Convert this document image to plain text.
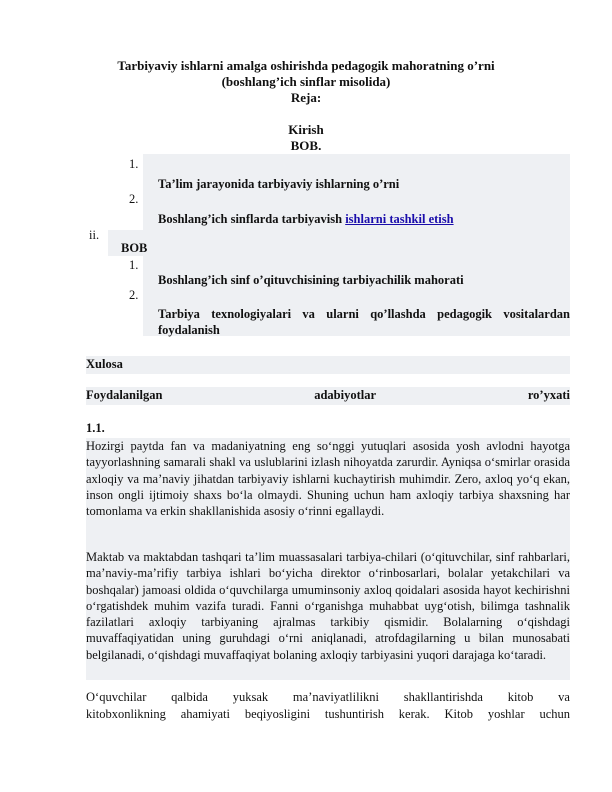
Tarbiyaviy ishlarni amalga oshirishda pedagogik mahoratning o’rni
(boshlang’ich sinflar misolida)
Reja:
Kirish
BOB.
1.
Ta’lim jarayonida tarbiyaviy ishlarning o’rni
2.
Boshlang’ich sinflarda tarbiyavish ishlarni tashkil etish
ii.
BOB
1.
Boshlang’ich sinf o’qituvchisining tarbiyachilik mahorati
2.
Tarbiya texnologiyalari va ularni qo’llashda pedagogik vositalardan foydalanish
Xulosa
Foydalanilgan	adabiyotlar	ro’yxati
1.1.
Hozirgi paytda fan va madaniyatning eng so‘nggi yutuqlari asosida yosh avlodni hayotga tayyorlashning samarali shakl va uslublarini izlash nihoyatda zarurdir. Ayniqsa o‘smirlar orasida axloqiy va ma’naviy jihatdan tarbiyaviy ishlarni kuchaytirish muhimdir. Zero, axloq yo‘q ekan, inson ongli ijtimoiy shaxs bo‘la olmaydi. Shuning uchun ham axloqiy tarbiya shaxsning har tomonlama va erkin shakllanishida asosiy o‘rinni egallaydi.
Maktab va maktabdan tashqari ta’lim muassasalari tarbiya-chilari (o‘qituvchilar, sinf rahbarlari, ma’naviy-ma’rifiy tarbiya ishlari bo‘yicha direktor o‘rinbosarlari, bolalar yetakchilari va boshqalar) jamoasi oldida o‘quvchilarga umuminsoniy axloq qoidalari asosida hayot kechirishni o‘rgatishdek muhim vazifa turadi. Fanni o‘rganishga muhabbat uyg‘otish, bilimga tashnalik fazilatlari axloqiy tarbiyaning ajralmas tarkibiy qismidir. Bolalarning o‘qishdagi muvaffaqiyatidan uning guruhdagi o‘rni aniqlanadi, atrofdagilarning u bilan munosabati belgilanadi, o‘qishdagi muvaffaqiyat bolaning axloqiy tarbiyasini yuqori darajaga ko‘taradi.
O‘quvchilar qalbida yuksak ma’naviyatlilikni shakllantirishda kitob va
kitobxonlikning ahamiyati beqiyosligini tushuntirish kerak. Kitob yoshlar uchun
